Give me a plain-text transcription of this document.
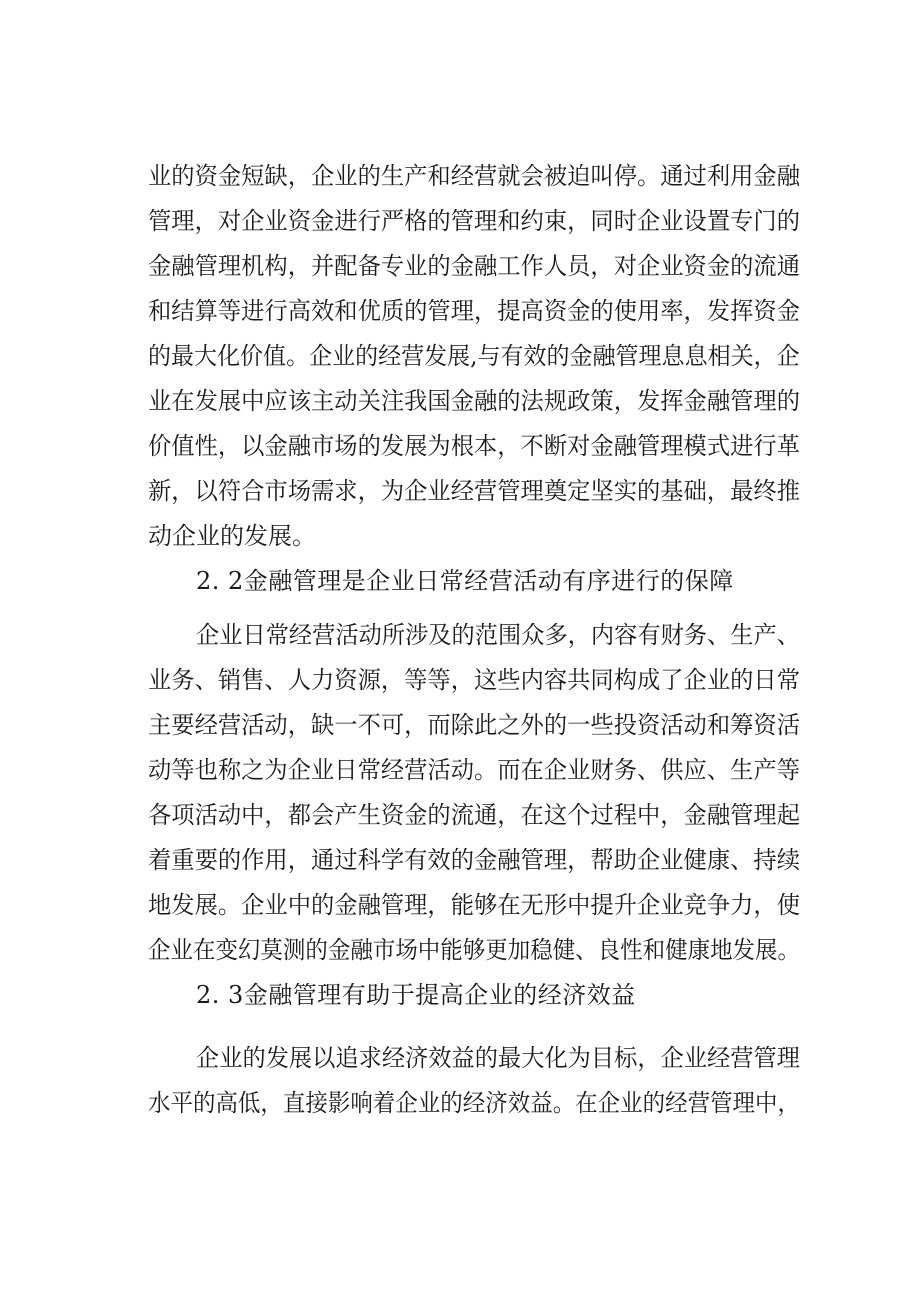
业的资金短缺，企业的生产和经营就会被迫叫停。通过利用金融
管理，对企业资金进行严格的管理和约束，同时企业设置专门的
金融管理机构，并配备专业的金融工作人员，对企业资金的流通
和结算等进行高效和优质的管理，提高资金的使用率，发挥资金
的最大化价值。企业的经营发展,与有效的金融管理息息相关，企
业在发展中应该主动关注我国金融的法规政策，发挥金融管理的
价值性，以金融市场的发展为根本，不断对金融管理模式进行革
新，以符合市场需求，为企业经营管理奠定坚实的基础，最终推
动企业的发展。
2. 2金融管理是企业日常经营活动有序进行的保障
企业日常经营活动所涉及的范围众多，内容有财务、生产、
业务、销售、人力资源，等等，这些内容共同构成了企业的日常
主要经营活动，缺一不可，而除此之外的一些投资活动和筹资活
动等也称之为企业日常经营活动。而在企业财务、供应、生产等
各项活动中，都会产生资金的流通，在这个过程中，金融管理起
着重要的作用，通过科学有效的金融管理，帮助企业健康、持续
地发展。企业中的金融管理，能够在无形中提升企业竞争力，使
企业在变幻莫测的金融市场中能够更加稳健、良性和健康地发展。
2. 3金融管理有助于提高企业的经济效益
企业的发展以追求经济效益的最大化为目标，企业经营管理
水平的高低，直接影响着企业的经济效益。在企业的经营管理中，
